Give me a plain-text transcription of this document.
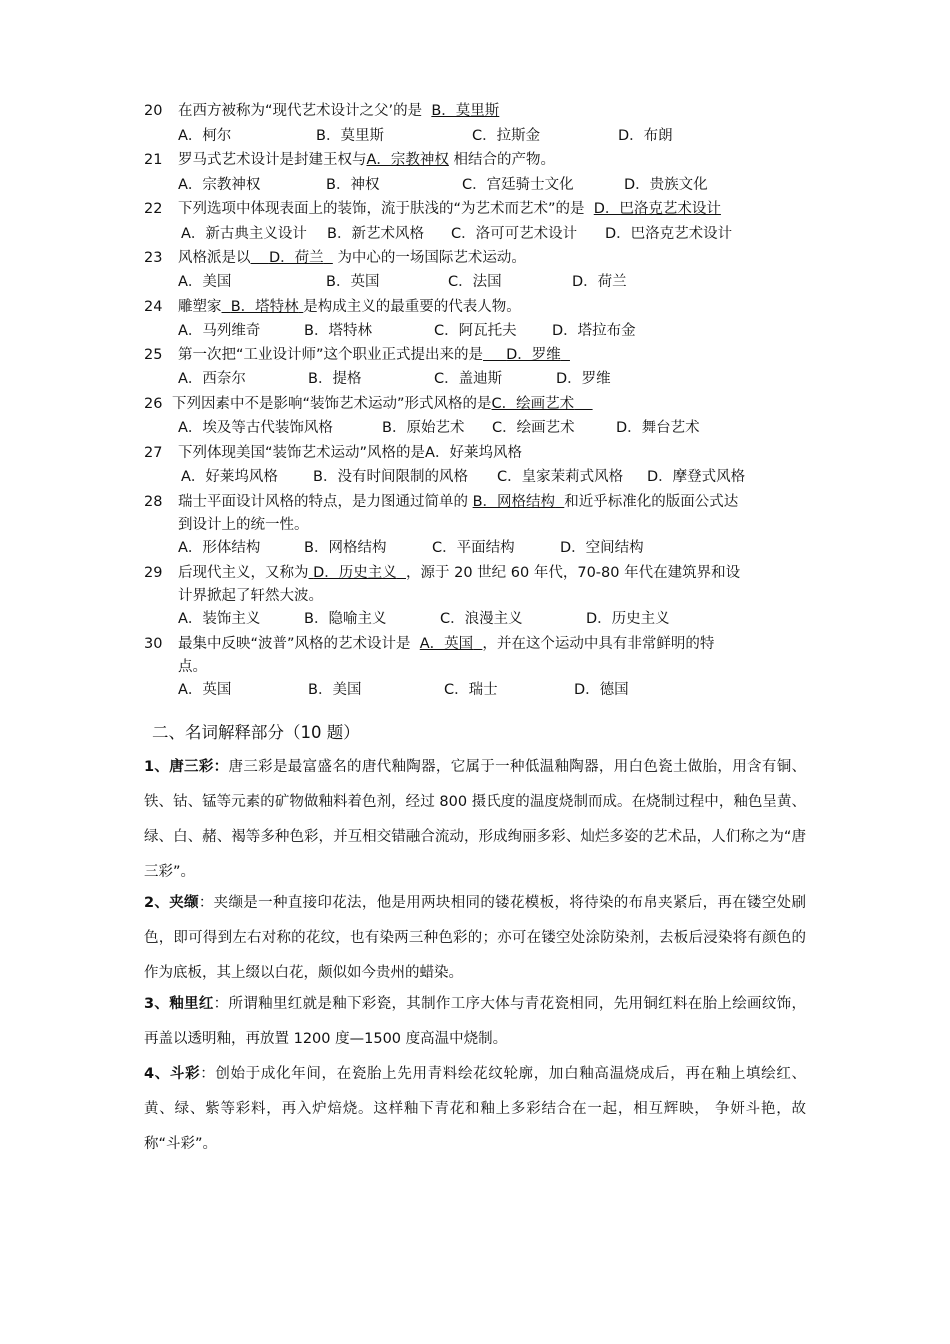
20 在西方被称为“现代艺术设计之父’的是 B．莫里斯
A．柯尔	B．莫里斯	C．拉斯金	D．布朗
21 罗马式艺术设计是封建王权与A．宗教神权 相结合的产物。
A．宗教神权	B．神权	C．宫廷骑士文化	D．贵族文化
22 下列选项中体现表面上的装饰，流于肤浅的“为艺术而艺术”的是 D．巴洛克艺术设计
A．新古典主义设计 B．新艺术风格 C．洛可可艺术设计 D．巴洛克艺术设计
23 风格派是以 D．荷兰 为中心的一场国际艺术运动。
A．美国	B．英国	C．法国	D．荷兰
24 雕塑家 B．塔特林 是构成主义的最重要的代表人物。
A．马列维奇	B．塔特林	C．阿瓦托夫 D．塔拉布金
25 第一次把“工业设计师”这个职业正式提出来的是 D．罗维
A．西奈尔	B．提格	C．盖迪斯	D．罗维
26 下列因素中不是影响“装饰艺术运动”形式风格的是C．绘画艺术
A．埃及等古代装饰风格	B．原始艺术 C．绘画艺术	D．舞台艺术
27 下列体现美国“装饰艺术运动”风格的是A．好莱坞风格
A．好莱坞风格 B．没有时间限制的风格 C．皇家茉莉式风格 D．摩登式风格
28 瑞士平面设计风格的特点，是力图通过简单的 B．网格结构 和近乎标准化的版面公式达
到设计上的统一性。
A．形体结构	B．网格结构	C．平面结构	D．空间结构
29 后现代主义，又称为 D．历史主义 ，源于 20 世纪 60 年代，70-80 年代在建筑界和设
计界掀起了轩然大波。
A．装饰主义	B．隐喻主义	C．浪漫主义	D．历史主义
30 最集中反映“波普”风格的艺术设计是 A．英国 ，并在这个运动中具有非常鲜明的特
点。
A．英国	B．美国	C．瑞士	D．德国
二、名词解释部分（10 题）
1、唐三彩：唐三彩是最富盛名的唐代釉陶器，它属于一种低温釉陶器，用白色瓷土做胎，用含有铜、铁、钴、锰等元素的矿物做釉料着色剂，经过 800 摄氏度的温度烧制而成。在烧制过程中，釉色呈黄、绿、白、赭、褐等多种色彩，并互相交错融合流动，形成绚丽多彩、灿烂多姿的艺术品，人们称之为“唐三彩”。
2、夹缬：夹缬是一种直接印花法，他是用两块相同的镂花模板，将待染的布帛夹紧后，再在镂空处刷色，即可得到左右对称的花纹，也有染两三种色彩的；亦可在镂空处涂防染剂，去板后浸染将有颜色的作为底板，其上缀以白花，颇似如今贵州的蜡染。
3、釉里红：所谓釉里红就是釉下彩瓷，其制作工序大体与青花瓷相同，先用铜红料在胎上绘画纹饰，再盖以透明釉，再放置 1200 度—1500 度高温中烧制。
4、斗彩：创始于成化年间，在瓷胎上先用青料绘花纹轮廓，加白釉高温烧成后，再在釉上填绘红、黄、绿、紫等彩料，再入炉焙烧。这样釉下青花和釉上多彩结合在一起，相互辉映， 争妍斗艳，故称“斗彩”。
